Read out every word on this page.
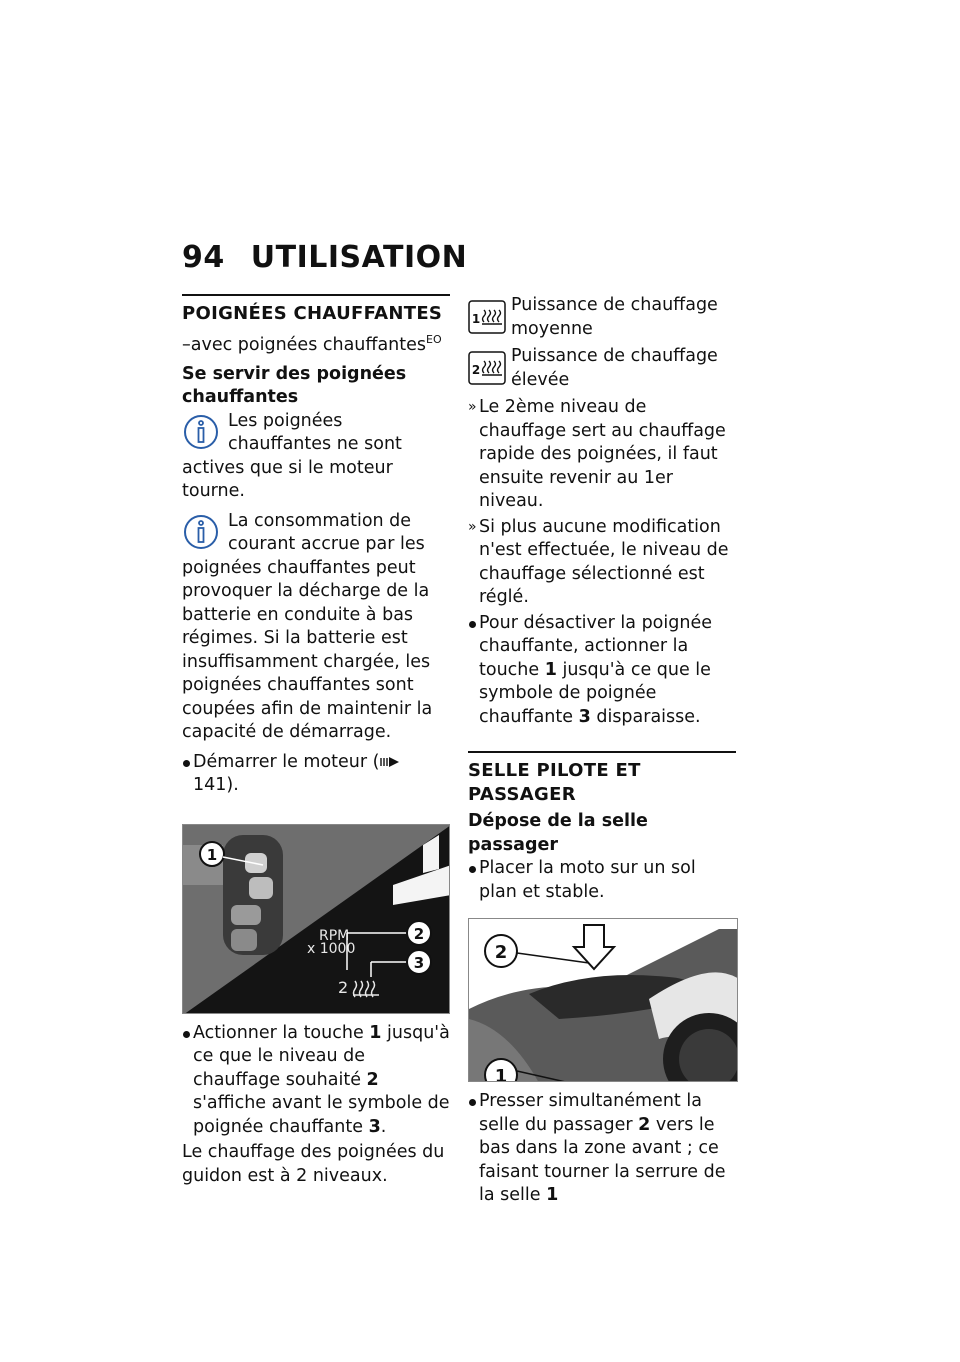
94 UTILISATION
POIGNÉES CHAUFFANTES
–avec poignées chauffantes$^{EO}$
Se servir des poignées chauffantes
Les poignées chauffantes ne sont actives que si le moteur tourne.
La consommation de courant accrue par les poignées chauffantes peut provoquer la décharge de la batterie en conduite à bas régimes. Si la batterie est insuffisamment chargée, les poignées chauffantes sont coupées afin de maintenir la capacité de démarrage.
Démarrer le moteur ( 141).
1
RPM
x 1000
2
3
2
Actionner la touche 1 jusqu'à ce que le niveau de chauffage souhaité 2 s'affiche avant le symbole de poignée chauffante 3.

Le chauffage des poignées du guidon est à 2 niveaux.

1
Puissance de chauffage moyenne
2
Puissance de chauffage élevée
» Le 2ème niveau de chauffage sert au chauffage rapide des poignées, il faut ensuite revenir au 1er niveau.
» Si plus aucune modification n'est effectuée, le niveau de chauffage sélectionné est réglé.
Pour désactiver la poignée chauffante, actionner la touche 1 jusqu'à ce que le symbole de poignée chauffante 3 disparaisse.
SELLE PILOTE ET PASSAGER
Dépose de la selle passager
Placer la moto sur un sol plan et stable.
2
1
Presser simultanément la selle du passager 2 vers le bas dans la zone avant ; ce faisant tourner la serrure de la selle 1
